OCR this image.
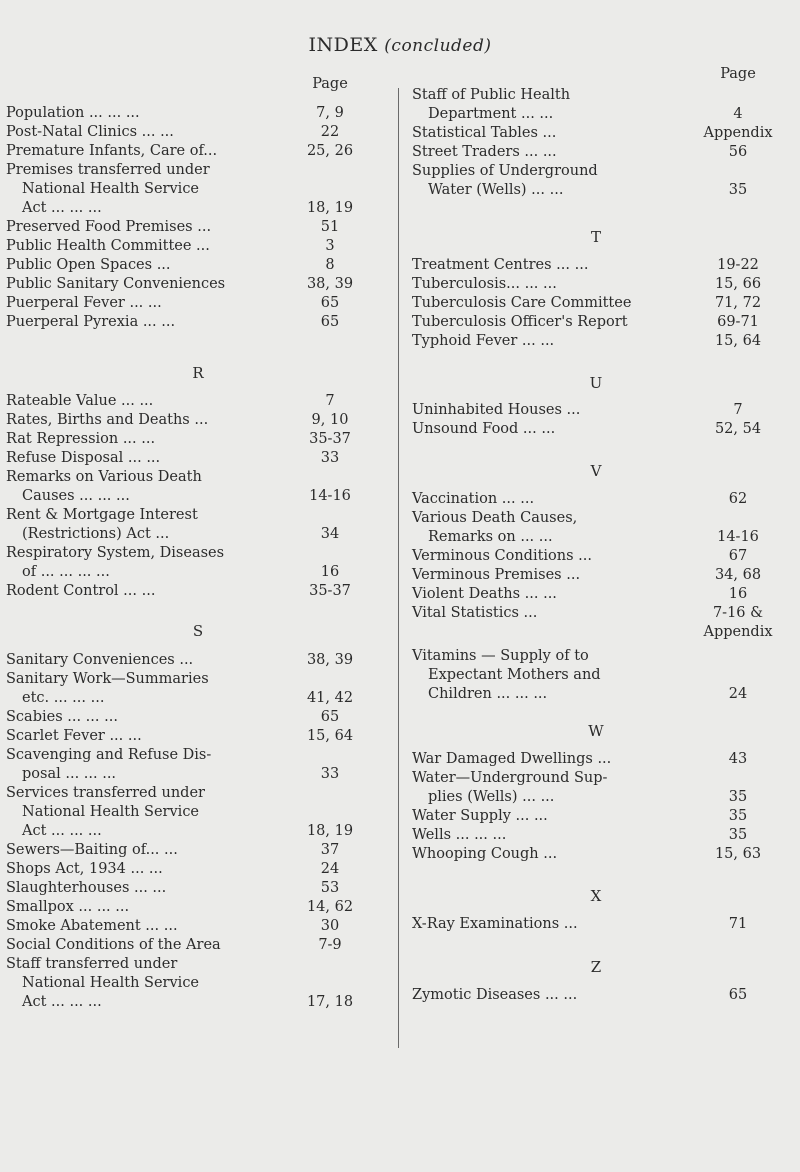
INDEX (concluded)
Page
Population ... ... ...	7, 9
Post-Natal Clinics ... ...	22
Premature Infants, Care of...	25, 26
Premises transferred under
National Health Service
Act ... ... ...	18, 19
Preserved Food Premises ...	51
Public Health Committee ...	3
Public Open Spaces ...	8
Public Sanitary Conveniences	38, 39
Puerperal Fever ... ...	65
Puerperal Pyrexia ... ...	65
R
Rateable Value ... ...	7
Rates, Births and Deaths ...	9, 10
Rat Repression ... ...	35-37
Refuse Disposal ... ...	33
Remarks on Various Death
Causes ... ... ...	14-16
Rent & Mortgage Interest
(Restrictions) Act ...	34
Respiratory System, Diseases
of ... ... ... ...	16
Rodent Control ... ...	35-37
S
Sanitary Conveniences ...	38, 39
Sanitary Work—Summaries
etc. ... ... ...	41, 42
Scabies ... ... ...	65
Scarlet Fever ... ...	15, 64
Scavenging and Refuse Dis-
posal ... ... ...	33
Services transferred under
National Health Service
Act ... ... ...	18, 19
Sewers—Baiting of... ...	37
Shops Act, 1934 ... ...	24
Slaughterhouses ... ...	53
Smallpox ... ... ...	14, 62
Smoke Abatement ... ...	30
Social Conditions of the Area	7-9
Staff transferred under
National Health Service
Act ... ... ...	17, 18
Page
Staff of Public Health
Department ... ...	4
Statistical Tables ...	Appendix
Street Traders ... ...	56
Supplies of Underground
Water (Wells) ... ...	35
T
Treatment Centres ... ...	19-22
Tuberculosis... ... ...	15, 66
Tuberculosis Care Committee	71, 72
Tuberculosis Officer's Report	69-71
Typhoid Fever ... ...	15, 64
U
Uninhabited Houses ...	7
Unsound Food ... ...	52, 54
V
Vaccination ... ...	62
Various Death Causes,
Remarks on ... ...	14-16
Verminous Conditions ...	67
Verminous Premises ...	34, 68
Violent Deaths ... ...	16
Vital Statistics ...	7-16 &
Appendix
Vitamins — Supply of to
Expectant Mothers and
Children ... ... ...	24
W
War Damaged Dwellings ...	43
Water—Underground Sup-
plies (Wells) ... ...	35
Water Supply ... ...	35
Wells ... ... ...	35
Whooping Cough ...	15, 63
X
X-Ray Examinations ...	71
Z
Zymotic Diseases ... ...	65
